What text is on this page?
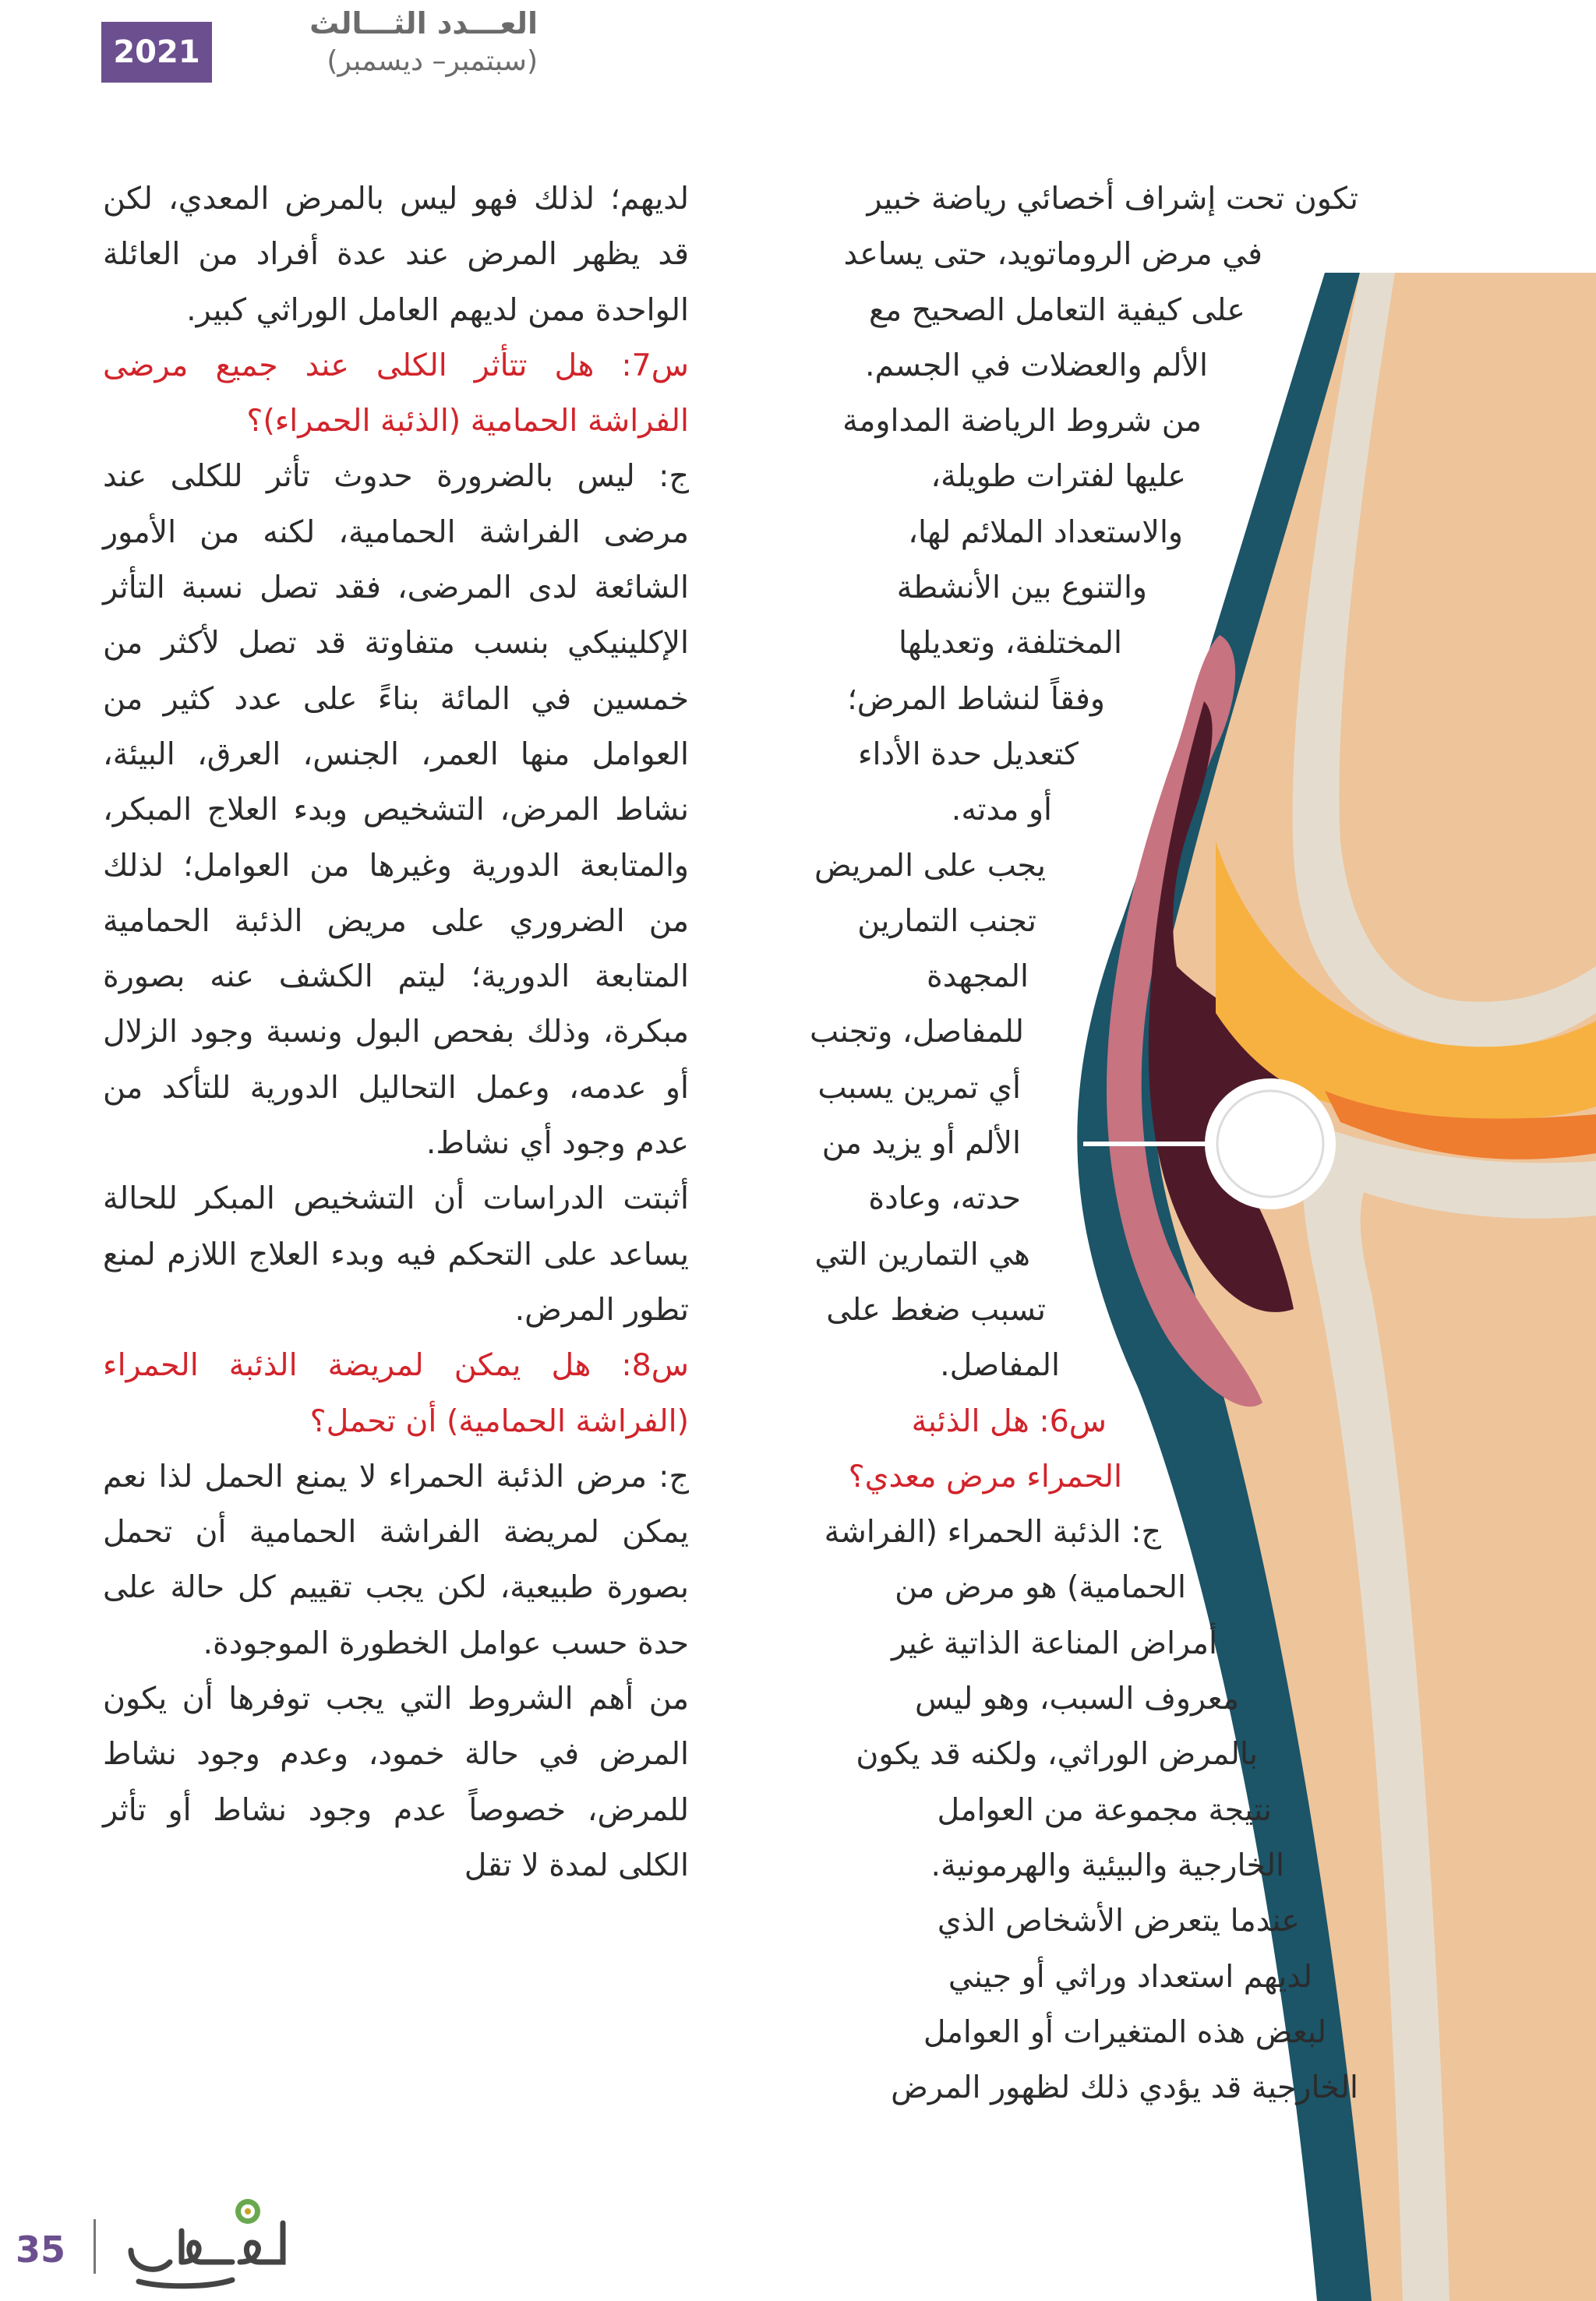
2021
العـــدد الثـــالث
(سبتمبر– ديسمبر)
تكون تحت إشراف أخصائي رياضة خبير
في مرض الروماتويد، حتى يساعد
على كيفية التعامل الصحيح مع
الألم والعضلات في الجسم.
من شروط الرياضة المداومة
عليها لفترات طويلة،
والاستعداد الملائم لها،
والتنوع بين الأنشطة
المختلفة، وتعديلها
وفقاً لنشاط المرض؛
كتعديل حدة الأداء
أو مدته.
يجب على المريض
تجنب التمارين
المجهدة
للمفاصل، وتجنب
أي تمرين يسبب
الألم أو يزيد من
حدته، وعادة
هي التمارين التي
تسبب ضغط على
المفاصل.
س6: هل الذئبة
الحمراء مرض معدي؟
ج: الذئبة الحمراء (الفراشة
الحمامية) هو مرض من
أمراض المناعة الذاتية غير
معروف السبب، وهو ليس
بالمرض الوراثي، ولكنه قد يكون
نتيجة مجموعة من العوامل
الخارجية والبيئية والهرمونية.
عندما يتعرض الأشخاص الذي
لديهم استعداد وراثي أو جيني
لبعض هذه المتغيرات أو العوامل
الخارجية قد يؤدي ذلك لظهور المرض

لديهم؛ لذلك فهو ليس بالمرض المعدي، لكن قد يظهر المرض عند عدة أفراد من العائلة الواحدة ممن لديهم العامل الوراثي كبير.

س7: هل تتأثر الكلى عند جميع مرضى الفراشة الحمامية (الذئبة الحمراء)؟

ج: ليس بالضرورة حدوث تأثر للكلى عند مرضى الفراشة الحمامية، لكنه من الأمور الشائعة لدى المرضى، فقد تصل نسبة التأثر الإكلينيكي بنسب متفاوتة قد تصل لأكثر من خمسين في المائة بناءً على عدد كثير من العوامل منها العمر، الجنس، العرق، البيئة، نشاط المرض، التشخيص وبدء العلاج المبكر، والمتابعة الدورية وغيرها من العوامل؛ لذلك من الضروري على مريض الذئبة الحمامية المتابعة الدورية؛ ليتم الكشف عنه بصورة مبكرة، وذلك بفحص البول ونسبة وجود الزلال أو عدمه، وعمل التحاليل الدورية للتأكد من عدم وجود أي نشاط.

أثبتت الدراسات أن التشخيص المبكر للحالة يساعد على التحكم فيه وبدء العلاج اللازم لمنع تطور المرض.

س8: هل يمكن لمريضة الذئبة الحمراء (الفراشة الحمامية) أن تحمل؟

ج: مرض الذئبة الحمراء لا يمنع الحمل لذا نعم يمكن لمريضة الفراشة الحمامية أن تحمل بصورة طبيعية، لكن يجب تقييم كل حالة على حدة حسب عوامل الخطورة الموجودة.

من أهم الشروط التي يجب توفرها أن يكون المرض في حالة خمود، وعدم وجود نشاط للمرض، خصوصاً عدم وجود نشاط أو تأثر الكلى لمدة لا تقل

35
